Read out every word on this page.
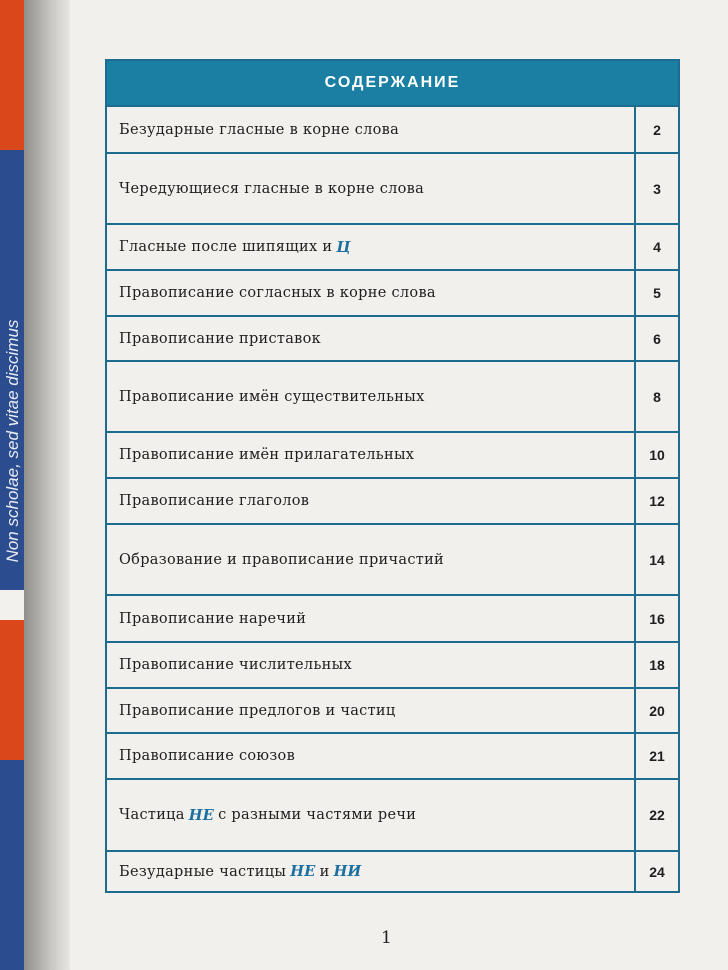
Non scholae, sed vitae discimus
СОДЕРЖАНИЕ
Безударные гласные в корне слова	2
Чередующиеся гласные в корне слова	3
Гласные после шипящих и Ц	4
Правописание согласных в корне слова	5
Правописание приставок	6
Правописание имён существительных	8
Правописание имён прилагательных	10
Правописание глаголов	12
Образование и правописание причастий	14
Правописание наречий	16
Правописание числительных	18
Правописание предлогов и частиц	20
Правописание союзов	21
Частица НЕ с разными частями речи	22
Безударные частицы НЕ и НИ	24
1
